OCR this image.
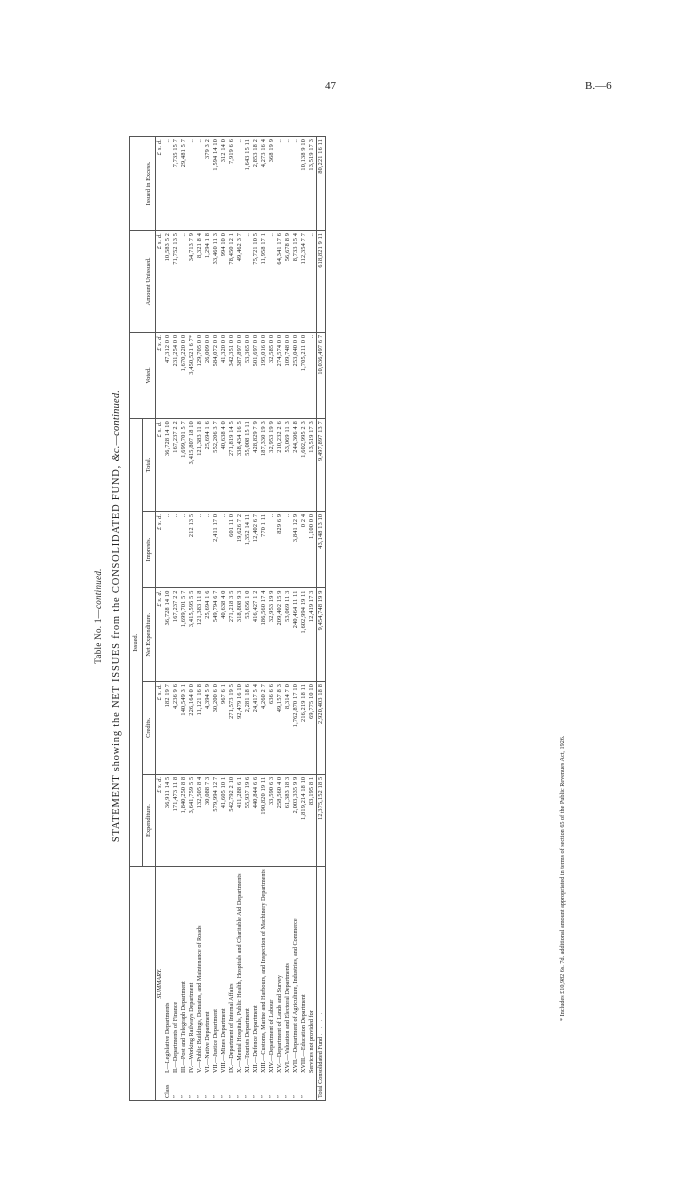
47	B.—6
Table No. 1—continued. STATEMENT showing the NET ISSUES from the CONSOLIDATED FUND, &c.—continued.
	Issued.					Voted.	Amount Unissued.	Issued in Excess.
	Expenditure.	Credits.	Net Expenditure.	Imprests.	Total.			
SUMMARY.	£ s. d.	£ s. d.	£ s. d.	£ s. d.	£ s. d.	£ s. d.	£ s. d.	£ s. d.
ClassI.—Legislative Departments	36,911 14 5	182 19 7	36,728 14 10	..	36,728 14 10	47,312 0 0	10,583 5 2	..
”II.—Departments of Finance	171,473 11 8	4,236 9 6	167,237 2 2	..	167,237 2 2	231,254 0 0	71,752 13 5	7,735 15 7
”III.—Post and Telegraph Department	1,840,250 8 8	140,549 3 1	1,699,701 5 7	..	1,699,701 5 7	1,670,220 0 0	..	29,481 5 7
”IV.—Working Railways Department	3,641,759 5 5	226,164 0 0	3,415,595 5 5	212 13 5	3,415,807 18 10	3,450,521 6 7*	34,713 7 9	..
”V.—Public Buildings, Domains, and Maintenance of Roads	132,505 8 4	11,121 16 8	121,383 11 8	..	121,383 11 8	129,705 0 0	8,321 8 4	..
”VI.—Native Department	30,088 7 3	4,394 5 9	25,694 1 6	..	25,694 1 6	26,009 0 0	1,294 1 8	379 3 2
”VII.—Justice Department	579,994 12 7	30,200 6 0	549,794 6 7	2,411 17 0	552,206 3 7	584,072 0 0	33,460 11 3	1,594 14 10
”VIII.—Mines Department	41,605 10 1	967 6 1	40,638 4 0	..	40,638 4 0	41,320 0 0	994 10 0	312 14 0
”IX.—Department of Internal Affairs	542,792 2 10	271,573 19 5	271,218 3 5	601 11 0	271,819 14 5	342,351 0 0	78,450 12 1	7,919 6 6
”X.—Mental Hospitals, Public Health, Hospitals and Charitable Aid Departments	411,288 6 1	92,479 16 10	318,808 9 3	19,626 7 2	338,434 16 5	387,897 0 0	49,462 3 7	..
”XI.—Tourists Department	55,937 19 6	2,281 18 6	53,656 1 0	1,352 14 11	55,008 15 11	53,365 0 0	..	1,643 15 11
”XII.—Defence Department	440,844 6 6	24,417 5 4	416,427 1 2	12,402 6 7	428,829 7 9	501,697 0 0	75,721 10 5	2,853 18 2
”XIII.—Customs, Marine and Harbours, and Inspection of Machinery Departments	190,820 19 11	4,260 2 7	186,560 17 4	770 1 11	187,330 19 3	195,016 0 0	11,958 17 1	4,273 16 4
”XIV.—Department of Labour	33,590 6 3	636 6 6	32,953 19 9	..	32,953 19 9	32,585 0 0	..	368 19 9
”XV.—Department of Lands and Survey	258,560 4 0	49,157 8 3	209,402 15 9	829 6 9	210,232 2 6	274,574 0 0	64,341 17 6	..
”XVI.—Valuation and Electoral Departments	61,383 18 3	8,314 7 0	53,069 11 3	..	53,069 11 3	109,748 0 0	56,678 8 9	..
”XVII.—Department of Agriculture, Industries, and Commerce	2,003,335 9 9	1,762,870 17 10	240,464 11 11	3,841 12 9	244,306 4 8	253,040 0 0	8,733 15 4	..
”XVIII.—Education Department	1,819,214 18 10	216,219 18 11	1,602,994 19 11	0 2 4	1,602,995 2 3	1,705,211 0 0	112,354 7 7	10,138 9 10
Services not provided for	83,195 8 1	69,775 10 10	12,419 17 3	1,100 0 0	13,519 17 3	..	..	13,519 17 3
Total Consolidated Fund . . . .	12,375,152 18 5	2,920,403 18 8	9,454,748 19 9	43,148 13 10	9,497,897 13 7	10,036,497 6 7	618,821 9 11	80,221 16 11
* Includes £10,982 6s. 7d. additional amount appropriated in terms of section 65 of the Public Revenues Act, 1926.
